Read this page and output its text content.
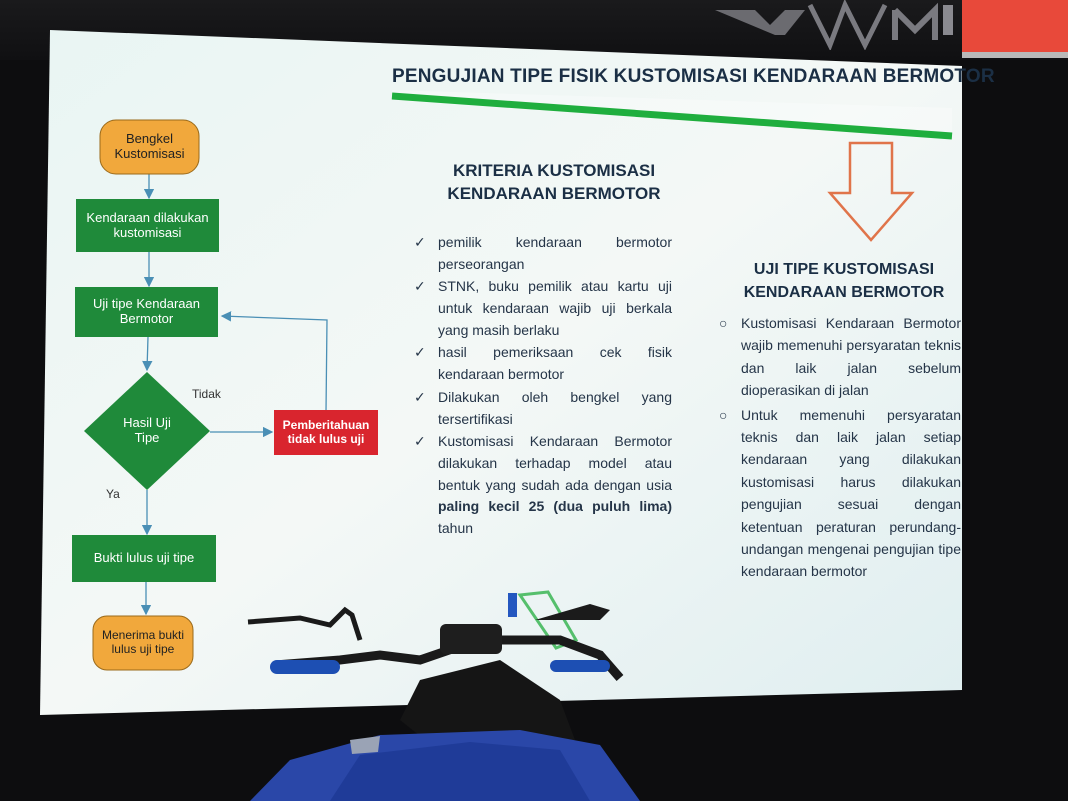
PENGUJIAN TIPE FISIK KUSTOMISASI KENDARAAN BERMOTOR
Bengkel Kustomisasi
Kendaraan dilakukan kustomisasi
Uji tipe Kendaraan Bermotor
Hasil Uji Tipe
Pemberitahuan tidak lulus uji
Bukti lulus uji tipe
Menerima bukti lulus uji tipe
Tidak
Ya
KRITERIA KUSTOMISASI KENDARAAN BERMOTOR
✓ pemilik kendaraan bermotor perseorangan
✓ STNK, buku pemilik atau kartu uji untuk kendaraan wajib uji berkala yang masih berlaku
✓ hasil pemeriksaan cek fisik kendaraan bermotor
✓ Dilakukan oleh bengkel yang tersertifikasi
✓ Kustomisasi Kendaraan Bermotor dilakukan terhadap model atau bentuk yang sudah ada dengan usia paling kecil 25 (dua puluh lima) tahun
UJI TIPE KUSTOMISASI KENDARAAN BERMOTOR
○ Kustomisasi Kendaraan Bermotor wajib memenuhi persyaratan teknis dan laik jalan sebelum dioperasikan di jalan
○ Untuk memenuhi persyaratan teknis dan laik jalan setiap kendaraan yang dilakukan kustomisasi harus dilakukan pengujian sesuai dengan ketentuan peraturan perundang-undangan mengenai pengujian tipe kendaraan bermotor
